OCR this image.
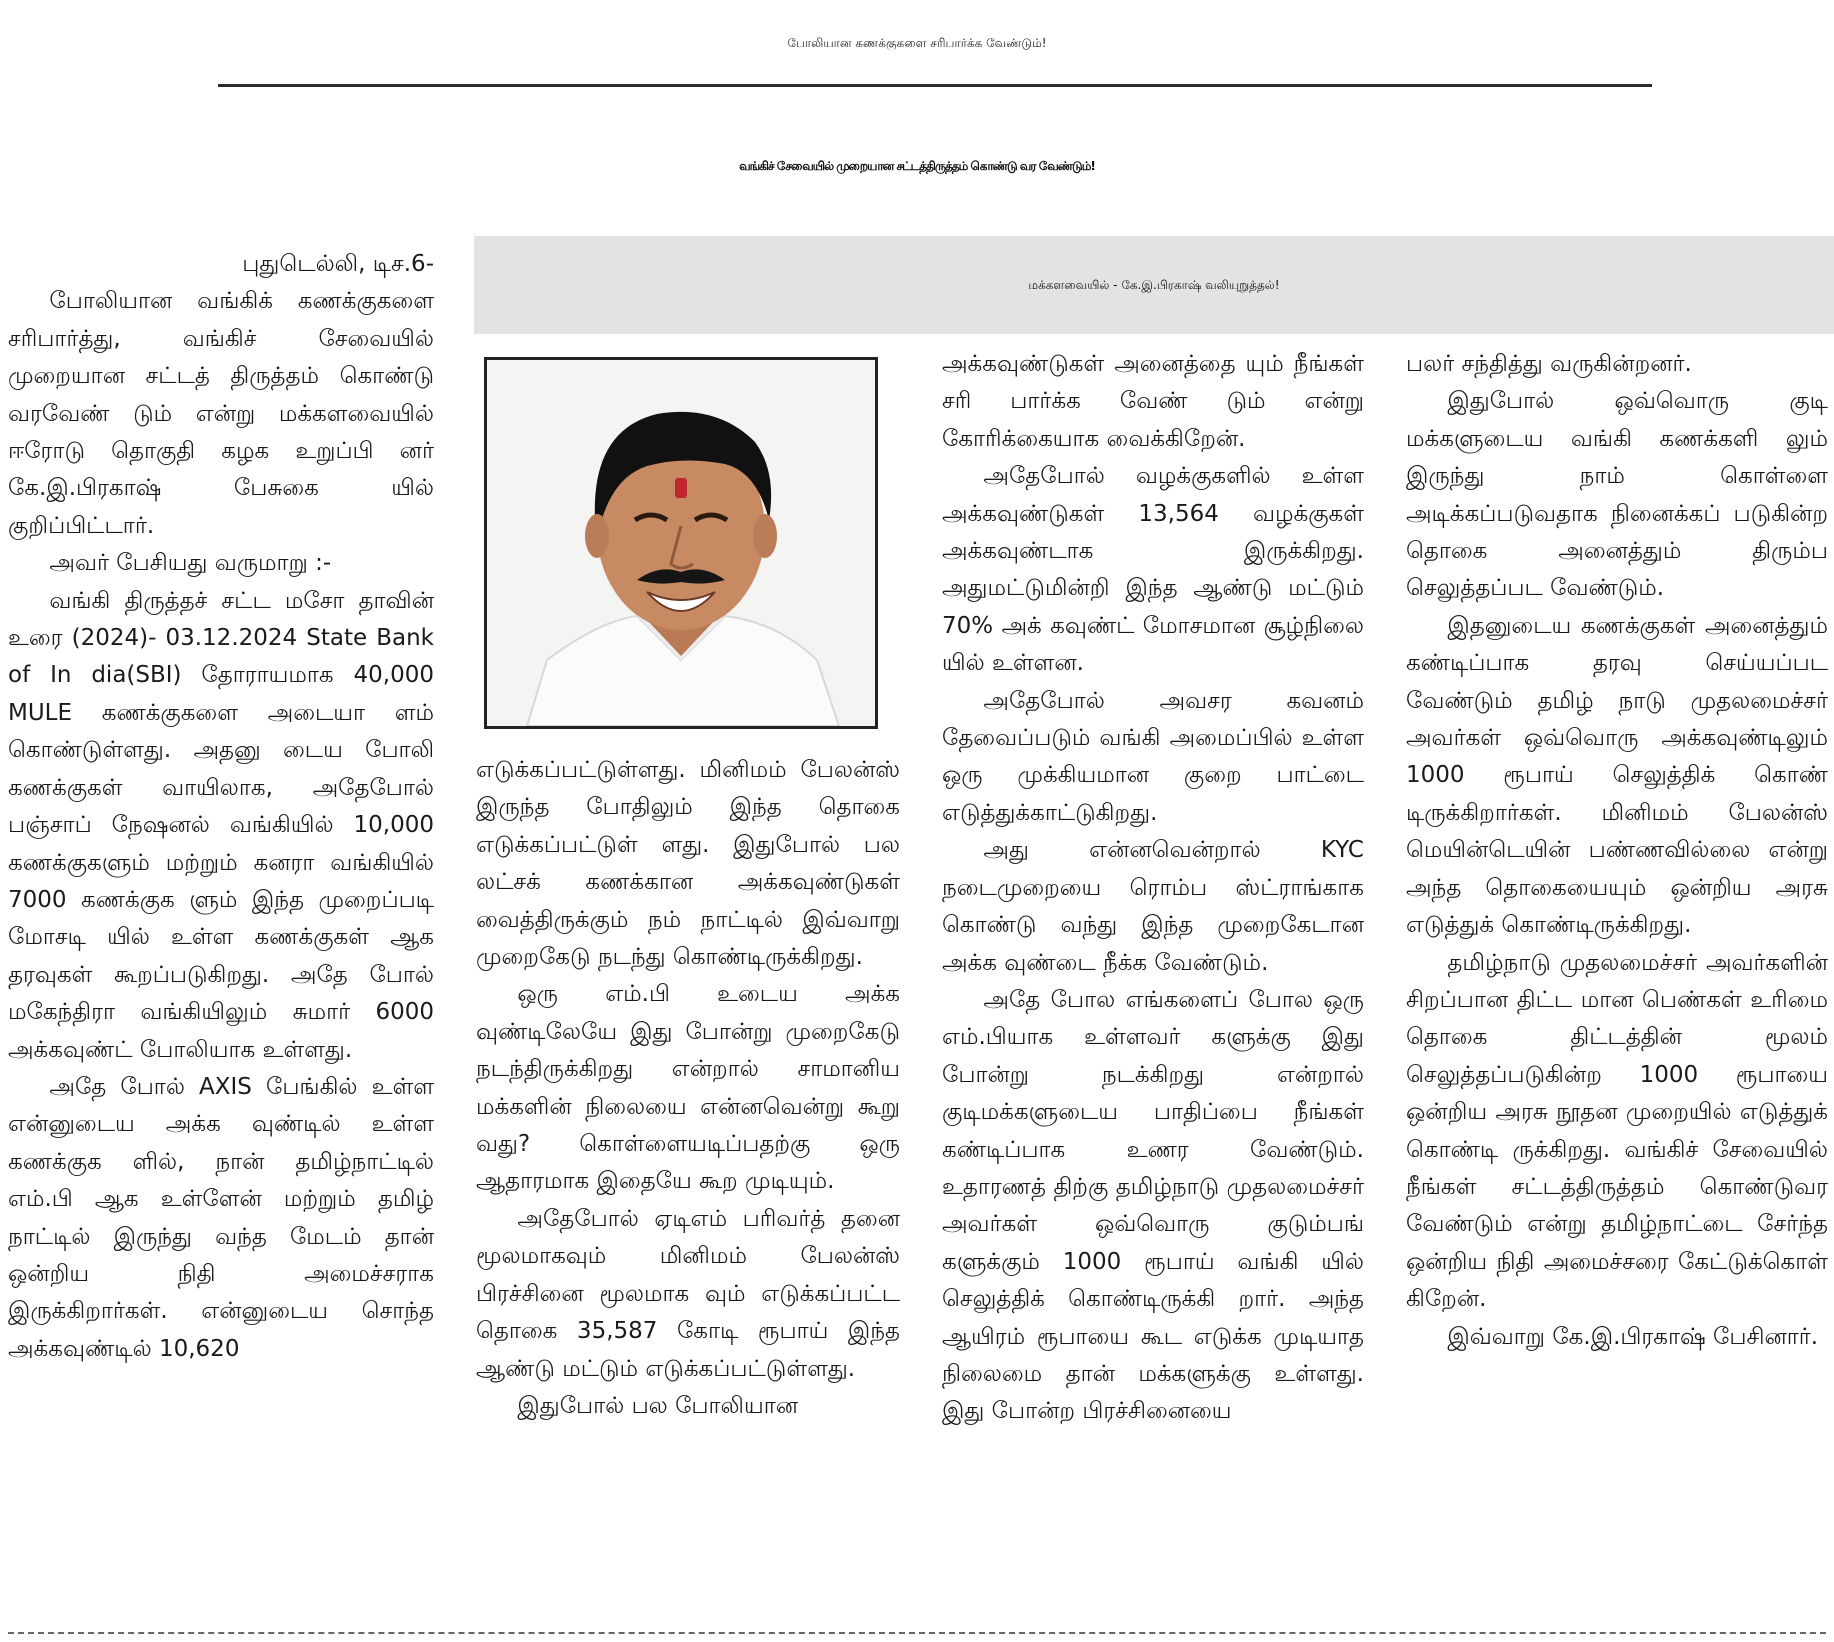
போலியான கணக்குகளை சரிபார்க்க வேண்டும்!
வங்கிச் சேவையில் முறையான சட்டத்திருத்தம் கொண்டு வர வேண்டும்!
மக்களவையில் - கே.இ.பிரகாஷ் வலியுறுத்தல்!

புதுடெல்லி, டிச.6-

போலியான வங்கிக் கணக்குகளை சரிபார்த்து, வங்கிச் சேவையில் முறையான சட்டத் திருத்தம் கொண்டு வரவேண் டும் என்று மக்களவையில் ஈரோடு தொகுதி கழக உறுப்பி னர் கே.இ.பிரகாஷ் பேசுகை யில் குறிப்பிட்டார்.

அவர் பேசியது வருமாறு :-

வங்கி திருத்தச் சட்ட மசோ தாவின் உரை (2024)- 03.12.2024 State Bank of In dia(SBI) தோராயமாக 40,000 MULE கணக்குகளை அடையா ளம் கொண்டுள்ளது. அதனு டைய போலி கணக்குகள் வாயிலாக, அதேபோல் பஞ்சாப் நேஷனல் வங்கியில் 10,000 கணக்குகளும் மற்றும் கனரா வங்கியில் 7000 கணக்குக ளும் இந்த முறைப்படி மோசடி யில் உள்ள கணக்குகள் ஆக தரவுகள் கூறப்படுகிறது. அதே போல் மகேந்திரா வங்கியிலும் சுமார் 6000 அக்கவுண்ட் போலியாக உள்ளது.

அதே போல் AXIS பேங்கில் உள்ள என்னுடைய அக்க வுண்டில் உள்ள கணக்குக ளில், நான் தமிழ்நாட்டில் எம்.பி ஆக உள்ளேன் மற்றும் தமிழ் நாட்டில் இருந்து வந்த மேடம் தான் ஒன்றிய நிதி அமைச்சராக இருக்கிறார்கள். என்னுடைய சொந்த அக்கவுண்டில் 10,620

எடுக்கப்பட்டுள்ளது. மினிமம் பேலன்ஸ் இருந்த போதிலும் இந்த தொகை எடுக்கப்பட்டுள் ளது. இதுபோல் பல லட்சக் கணக்கான அக்கவுண்டுகள் வைத்திருக்கும் நம் நாட்டில் இவ்வாறு முறைகேடு நடந்து கொண்டிருக்கிறது.

ஒரு எம்.பி உடைய அக்க வுண்டிலேயே இது போன்று முறைகேடு நடந்திருக்கிறது என்றால் சாமானிய மக்களின் நிலையை என்னவென்று கூறு வது? கொள்ளையடிப்பதற்கு ஒரு ஆதாரமாக இதையே கூற முடியும்.

அதேபோல் ஏடிஎம் பரிவர்த் தனை மூலமாகவும் மினிமம் பேலன்ஸ் பிரச்சினை மூலமாக வும் எடுக்கப்பட்ட தொகை 35,587 கோடி ரூபாய் இந்த ஆண்டு மட்டும் எடுக்கப்பட்டுள்ளது.

இதுபோல் பல போலியான

அக்கவுண்டுகள் அனைத்தை யும் நீங்கள் சரி பார்க்க வேண் டும் என்று கோரிக்கையாக வைக்கிறேன்.

அதேபோல் வழக்குகளில் உள்ள அக்கவுண்டுகள் 13,564 வழக்குகள் அக்கவுண்டாக இருக்கிறது. அதுமட்டுமின்றி இந்த ஆண்டு மட்டும் 70% அக் கவுண்ட் மோசமான சூழ்நிலை யில் உள்ளன.

அதேபோல் அவசர கவனம் தேவைப்படும் வங்கி அமைப்பில் உள்ள ஒரு முக்கியமான குறை பாட்டை எடுத்துக்காட்டுகிறது.

அது என்னவென்றால் KYC நடைமுறையை ரொம்ப ஸ்ட்ராங்காக கொண்டு வந்து இந்த முறைகேடான அக்க வுண்டை நீக்க வேண்டும்.

அதே போல எங்களைப் போல ஒரு எம்.பியாக உள்ளவர் களுக்கு இது போன்று நடக்கிறது என்றால் குடிமக்களுடைய பாதிப்பை நீங்கள் கண்டிப்பாக உணர வேண்டும். உதாரணத் திற்கு தமிழ்நாடு முதலமைச்சர் அவர்கள் ஒவ்வொரு குடும்பங் களுக்கும் 1000 ரூபாய் வங்கி யில் செலுத்திக் கொண்டிருக்கி றார். அந்த ஆயிரம் ரூபாயை கூட எடுக்க முடியாத நிலைமை தான் மக்களுக்கு உள்ளது. இது போன்ற பிரச்சினையை

பலர் சந்தித்து வருகின்றனர்.

இதுபோல் ஒவ்வொரு குடி மக்களுடைய வங்கி கணக்களி லும் இருந்து நாம் கொள்ளை அடிக்கப்படுவதாக நினைக்கப் படுகின்ற தொகை அனைத்தும் திரும்ப செலுத்தப்பட வேண்டும்.

இதனுடைய கணக்குகள் அனைத்தும் கண்டிப்பாக தரவு செய்யப்பட வேண்டும் தமிழ் நாடு முதலமைச்சர் அவர்கள் ஒவ்வொரு அக்கவுண்டிலும் 1000 ரூபாய் செலுத்திக் கொண் டிருக்கிறார்கள். மினிமம் பேலன்ஸ் மெயின்டெயின் பண்ணவில்லை என்று அந்த தொகையையும் ஒன்றிய அரசு எடுத்துக் கொண்டிருக்கிறது.

தமிழ்நாடு முதலமைச்சர் அவர்களின் சிறப்பான திட்ட மான பெண்கள் உரிமை தொகை திட்டத்தின் மூலம் செலுத்தப்படுகின்ற 1000 ரூபாயை ஒன்றிய அரசு நூதன முறையில் எடுத்துக் கொண்டி ருக்கிறது. வங்கிச் சேவையில் நீங்கள் சட்டத்திருத்தம் கொண்டுவர வேண்டும் என்று தமிழ்நாட்டை சேர்ந்த ஒன்றிய நிதி அமைச்சரை கேட்டுக்கொள் கிறேன்.

இவ்வாறு கே.இ.பிரகாஷ் பேசினார்.
